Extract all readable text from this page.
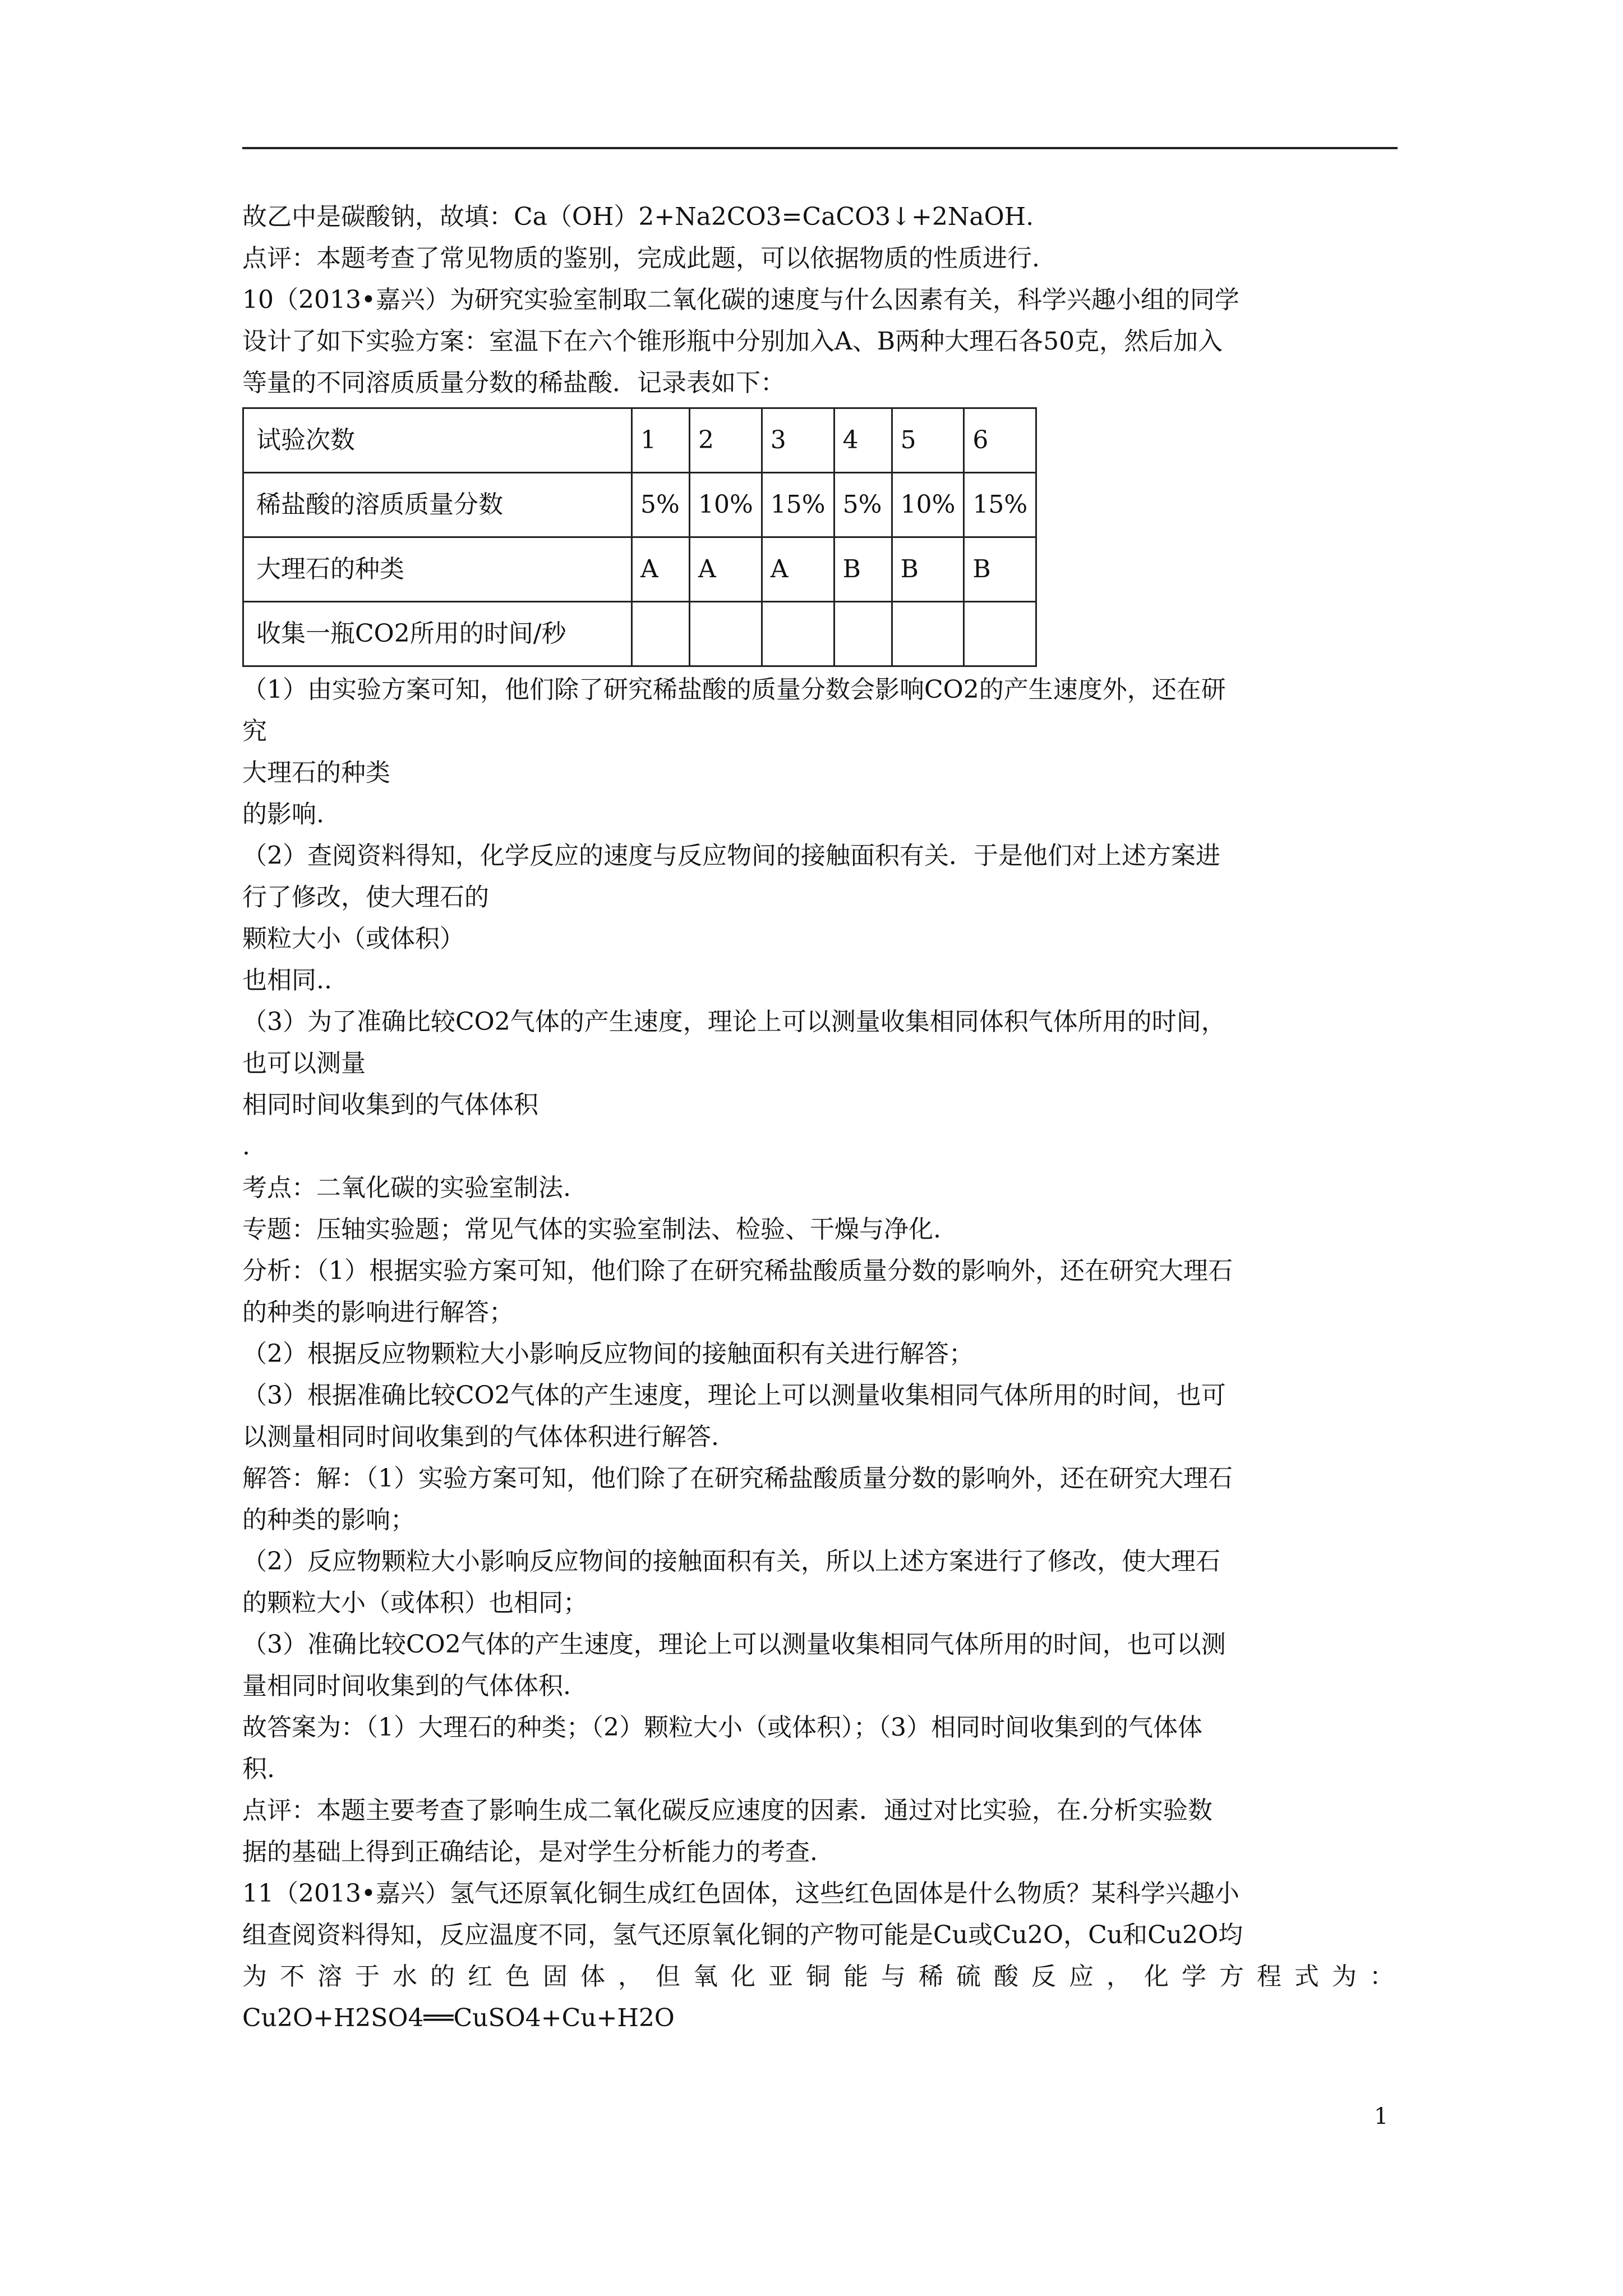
故乙中是碳酸钠，故填：Ca（OH）2+Na2CO3=CaCO3↓+2NaOH.

点评：本题考查了常见物质的鉴别，完成此题，可以依据物质的性质进行.

10（2013•嘉兴）为研究实验室制取二氧化碳的速度与什么因素有关，科学兴趣小组的同学

设计了如下实验方案：室温下在六个锥形瓶中分别加入A、B两种大理石各50克，然后加入

等量的不同溶质质量分数的稀盐酸．记录表如下：

试验次数	1	2	3	4	5	6
稀盐酸的溶质质量分数	5%	10%	15%	5%	10%	15%
大理石的种类	A	A	A	B	B	B
收集一瓶CO2所用的时间/秒						

（1）由实验方案可知，他们除了研究稀盐酸的质量分数会影响CO2的产生速度外，还在研

究

大理石的种类

的影响.

（2）查阅资料得知，化学反应的速度与反应物间的接触面积有关．于是他们对上述方案进

行了修改，使大理石的

颗粒大小（或体积）

也相同..

（3）为了准确比较CO2气体的产生速度，理论上可以测量收集相同体积气体所用的时间，

也可以测量

相同时间收集到的气体体积

.

考点：二氧化碳的实验室制法.

专题：压轴实验题；常见气体的实验室制法、检验、干燥与净化.

分析：（1）根据实验方案可知，他们除了在研究稀盐酸质量分数的影响外，还在研究大理石

的种类的影响进行解答；

（2）根据反应物颗粒大小影响反应物间的接触面积有关进行解答；

（3）根据准确比较CO2气体的产生速度，理论上可以测量收集相同气体所用的时间，也可

以测量相同时间收集到的气体体积进行解答.

解答：解：（1）实验方案可知，他们除了在研究稀盐酸质量分数的影响外，还在研究大理石

的种类的影响；

（2）反应物颗粒大小影响反应物间的接触面积有关，所以上述方案进行了修改，使大理石

的颗粒大小（或体积）也相同；

（3）准确比较CO2气体的产生速度，理论上可以测量收集相同气体所用的时间，也可以测

量相同时间收集到的气体体积.

故答案为：（1）大理石的种类；（2）颗粒大小（或体积）；（3）相同时间收集到的气体体

积.

点评：本题主要考查了影响生成二氧化碳反应速度的因素．通过对比实验，在.分析实验数

据的基础上得到正确结论，是对学生分析能力的考查.

11（2013•嘉兴）氢气还原氧化铜生成红色固体，这些红色固体是什么物质？某科学兴趣小

组查阅资料得知，反应温度不同，氢气还原氧化铜的产物可能是Cu或Cu2O，Cu和Cu2O均

为不溶于水的红色固体，但氧化亚铜能与稀硫酸反应，化学方程式为：

Cu2O+H2SO4══CuSO4+Cu+H2O

1
